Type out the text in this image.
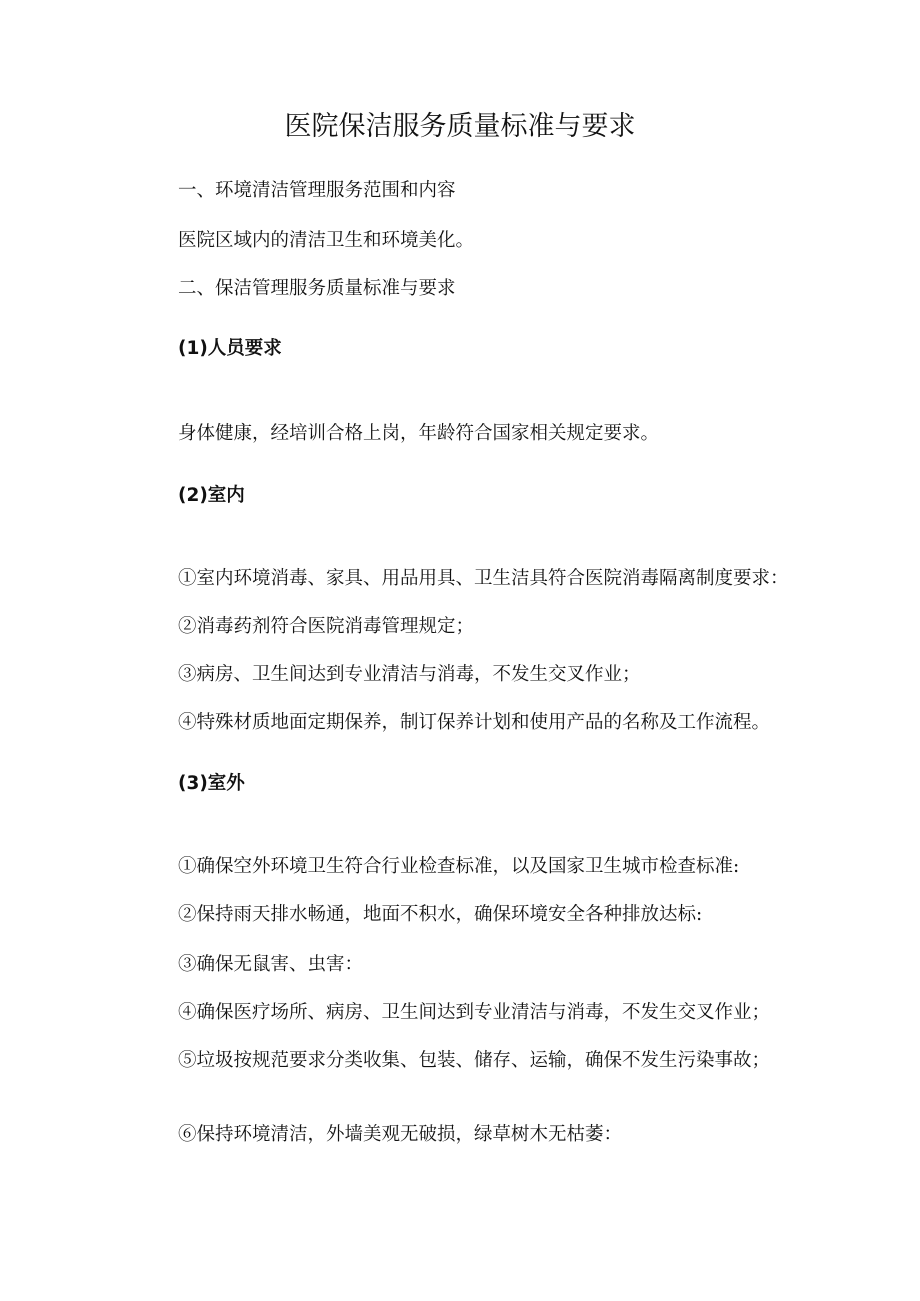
医院保洁服务质量标准与要求
一、环境清洁管理服务范围和内容
医院区域内的清洁卫生和环境美化。
二、保洁管理服务质量标准与要求
(1)人员要求
身体健康，经培训合格上岗，年龄符合国家相关规定要求。
(2)室内
①室内环境消毒、家具、用品用具、卫生洁具符合医院消毒隔离制度要求：
②消毒药剂符合医院消毒管理规定；
③病房、卫生间达到专业清洁与消毒，不发生交叉作业；
④特殊材质地面定期保养，制订保养计划和使用产品的名称及工作流程。
(3)室外
①确保空外环境卫生符合行业检查标准，以及国家卫生城市检查标准:
②保持雨天排水畅通，地面不积水，确保环境安全各种排放达标:
③确保无鼠害、虫害：
④确保医疗场所、病房、卫生间达到专业清洁与消毒，不发生交叉作业；
⑤垃圾按规范要求分类收集、包装、储存、运输，确保不发生污染事故；
⑥保持环境清洁，外墙美观无破损，绿草树木无枯萎：
